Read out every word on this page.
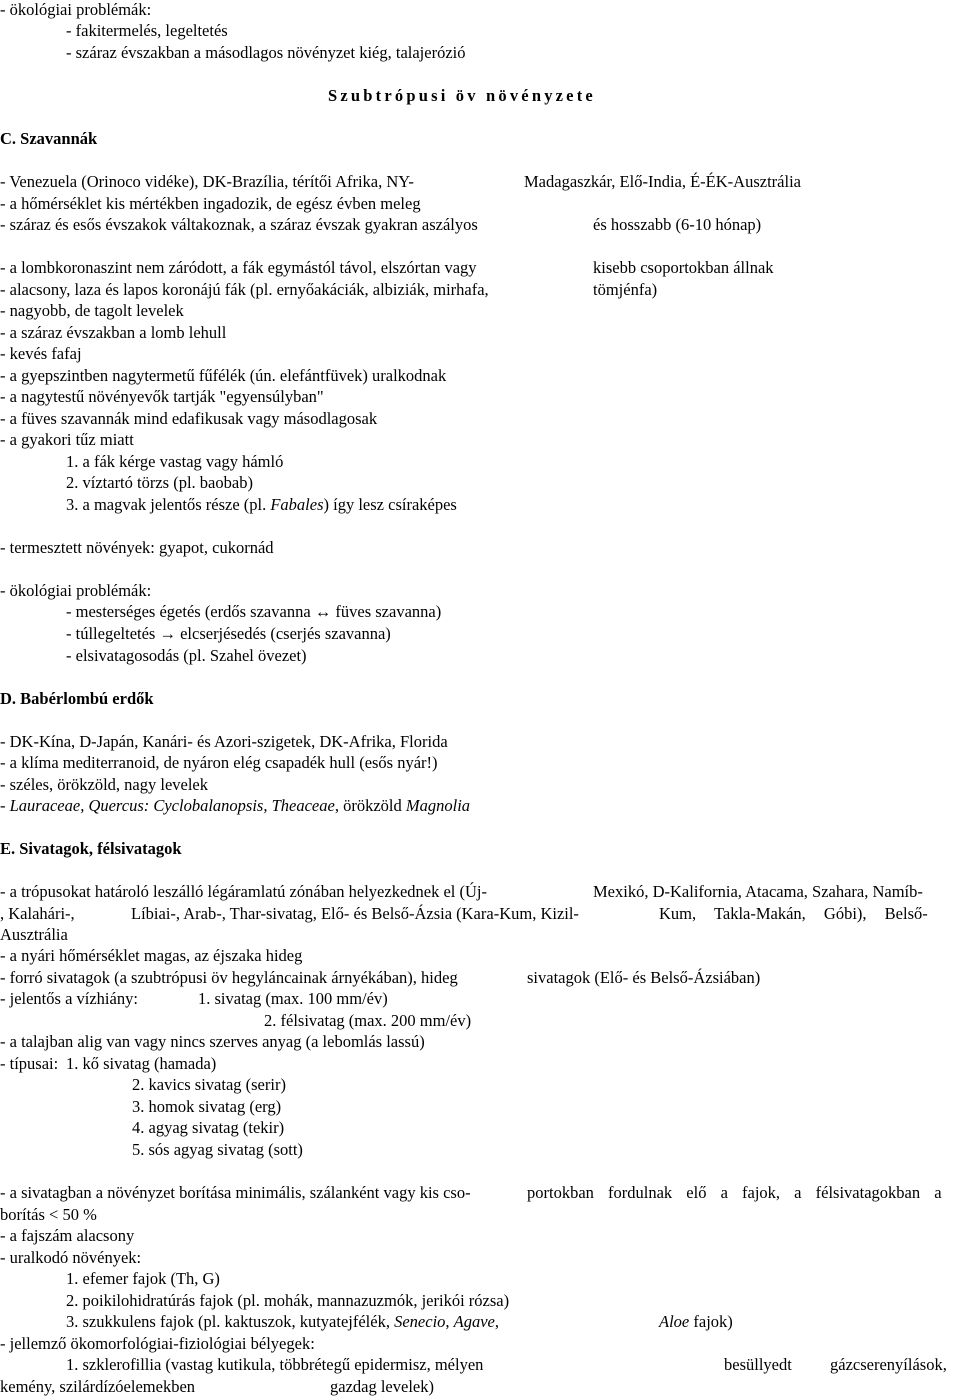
- ökológiai problémák:
- fakitermelés, legeltetés
- száraz évszakban a másodlagos növényzet kiég, talajerózió
Szubtrópusi öv növényzete
C. Szavannák
- Venezuela (Orinoco vidéke), DK-Brazília, térítői Afrika, NY-	Madagaszkár, Elő-India, É-ÉK-Ausztrália
- a hőmérséklet kis mértékben ingadozik, de egész évben meleg
- száraz és esős évszakok váltakoznak, a száraz évszak gyakran aszályos	és hosszabb (6-10 hónap)
- a lombkoronaszint nem záródott, a fák egymástól távol, elszórtan vagy	kisebb csoportokban állnak
- alacsony, laza és lapos koronájú fák (pl. ernyőakáciák, albiziák, mirhafa,	tömjénfa)
- nagyobb, de tagolt levelek
- a száraz évszakban a lomb lehull
- kevés fafaj
- a gyepszintben nagytermetű fűfélék (ún. elefántfüvek) uralkodnak
- a nagytestű növényevők tartják "egyensúlyban"
- a füves szavannák mind edafikusak vagy másodlagosak
- a gyakori tűz miatt
1. a fák kérge vastag vagy hámló
2. víztartó törzs (pl. baobab)
3. a magvak jelentős része (pl. Fabales) így lesz csíraképes
- termesztett növények: gyapot, cukornád
- ökológiai problémák:
- mesterséges égetés (erdős szavanna ↔ füves szavanna)
- túllegeltetés → elcserjésedés (cserjés szavanna)
- elsivatagosodás (pl. Szahel övezet)
D. Babérlombú erdők
- DK-Kína, D-Japán, Kanári- és Azori-szigetek, DK-Afrika, Florida
- a klíma mediterranoid, de nyáron elég csapadék hull (esős nyár!)
- széles, örökzöld, nagy levelek
- Lauraceae, Quercus: Cyclobalanopsis, Theaceae, örökzöld Magnolia
E. Sivatagok, félsivatagok
- a trópusokat határoló leszálló légáramlatú zónában helyezkednek el (Új-	Mexikó, D-Kalifornia, Atacama, Szahara, Namíb-
, Kalahári-,	Líbiai-, Arab-, Thar-sivatag, Elő- és Belső-Ázsia (Kara-Kum, Kizil-	Kum, Takla-Makán, Góbi), Belső-
Ausztrália
- a nyári hőmérséklet magas, az éjszaka hideg
- forró sivatagok (a szubtrópusi öv hegyláncainak árnyékában), hideg	sivatagok (Elő- és Belső-Ázsiában)
- jelentős a vízhiány:	1. sivatag (max. 100 mm/év)
2. félsivatag (max. 200 mm/év)
- a talajban alig van vagy nincs szerves anyag (a lebomlás lassú)
- típusai: 1. kő sivatag (hamada)
2. kavics sivatag (serir)
3. homok sivatag (erg)
4. agyag sivatag (tekir)
5. sós agyag sivatag (sott)
- a sivatagban a növényzet borítása minimális, szálanként vagy kis cso-	portokban fordulnak elő a fajok, a félsivatagokban a
borítás < 50 %
- a fajszám alacsony
- uralkodó növények:
1. efemer fajok (Th, G)
2. poikilohidratúrás fajok (pl. mohák, mannazuzmók, jerikói rózsa)
3. szukkulens fajok (pl. kaktuszok, kutyatejfélék, Senecio, Agave,	Aloe fajok)
- jellemző ökomorfológiai-fiziológiai bélyegek:
1. szklerofillia (vastag kutikula, többrétegű epidermisz, mélyen	besüllyedt gázcserenyílások,
kemény, szilárdízóelemekben	gazdag levelek)
